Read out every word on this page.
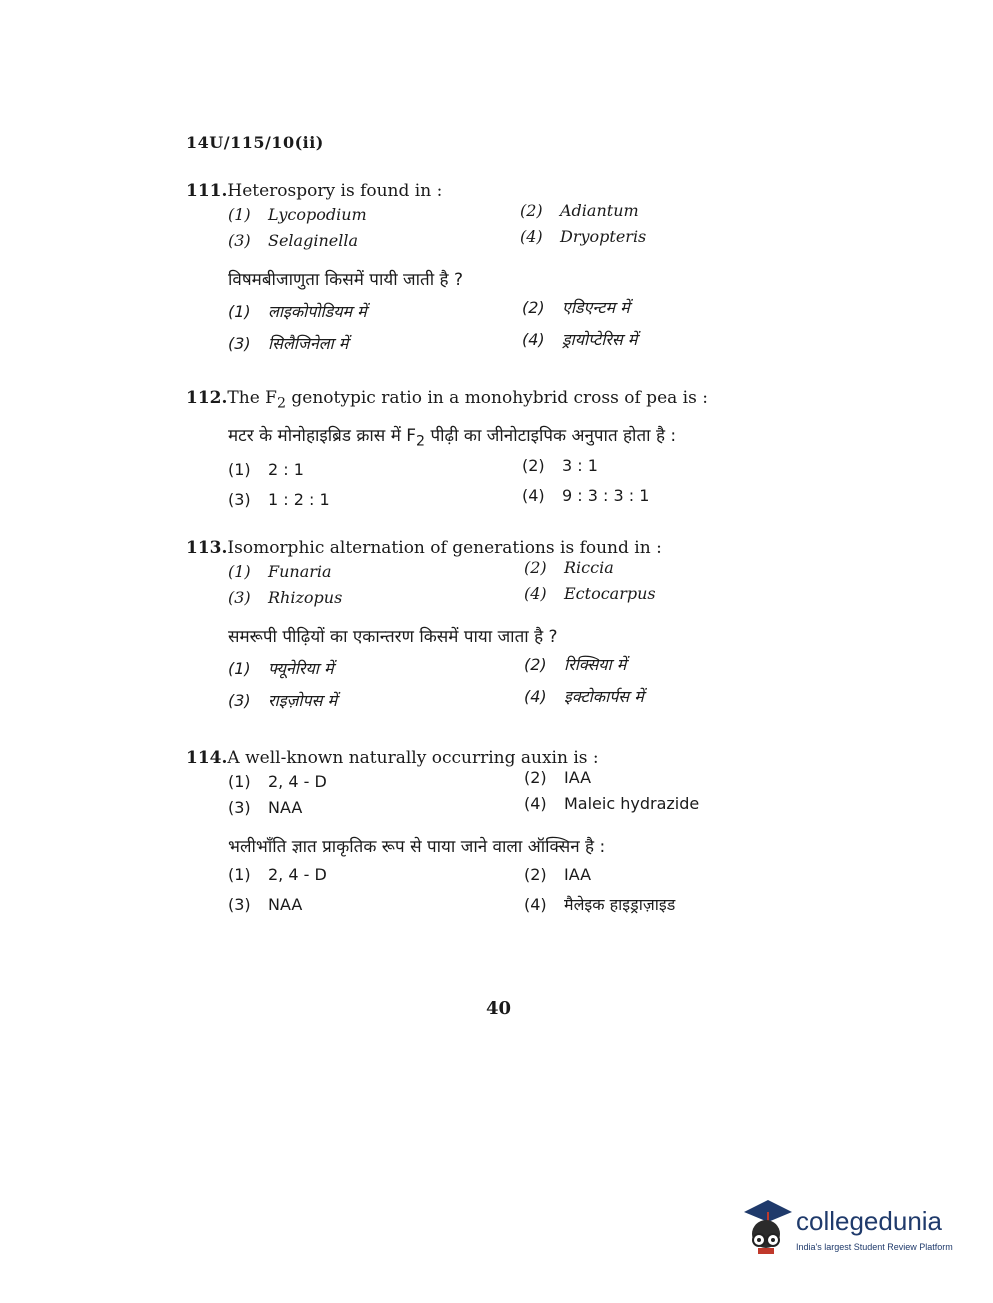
14U/115/10(ii)
111.Heterospory is found in :
(1) Lycopodium	(2) Adiantum
(3) Selaginella	(4) Dryopteris
विषमबीजाणुता किसमें पायी जाती है ?
(1) लाइकोपोडियम में	(2) एडिएन्टम में
(3) सिलैजिनेला में	(4) ड्रायोप्टेरिस में
112.The $F_2$ genotypic ratio in a monohybrid cross of pea is :
मटर के मोनोहाइब्रिड क्रास में $F_2$ पीढ़ी का जीनोटाइपिक अनुपात होता है :
(1) 2 : 1	(2) 3 : 1
(3) 1 : 2 : 1	(4) 9 : 3 : 3 : 1
113.Isomorphic alternation of generations is found in :
(1) Funaria	(2) Riccia
(3) Rhizopus	(4) Ectocarpus
समरूपी पीढ़ियों का एकान्तरण किसमें पाया जाता है ?
(1) फ्यूनेरिया में	(2) रिक्सिया में
(3) राइज़ोपस में	(4) इक्टोकार्पस में
114.A well-known naturally occurring auxin is :
(1) 2, 4 - D	(2) IAA
(3) NAA	(4) Maleic hydrazide
भलीभाँति ज्ञात प्राकृतिक रूप से पाया जाने वाला ऑक्सिन है :
(1) 2, 4 - D	(2) IAA
(3) NAA	(4) मैलेइक हाइड्राज़ाइड
40
collegedunia
India's largest Student Review Platform
